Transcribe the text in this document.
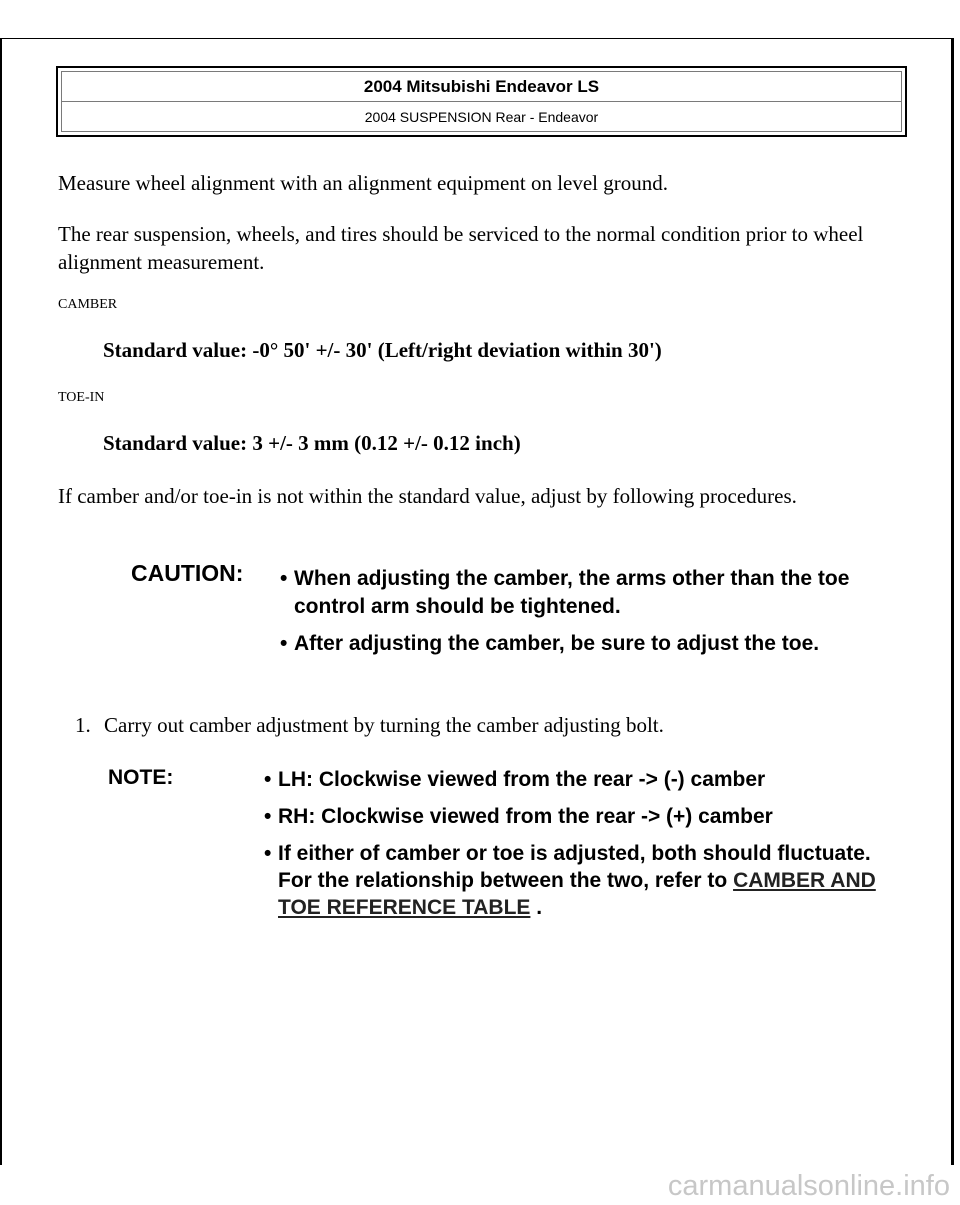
2004 Mitsubishi Endeavor LS
2004 SUSPENSION Rear - Endeavor
Measure wheel alignment with an alignment equipment on level ground.
The rear suspension, wheels, and tires should be serviced to the normal condition prior to wheel alignment measurement.
CAMBER
Standard value: -0° 50' +/- 30' (Left/right deviation within 30')
TOE-IN
Standard value: 3 +/- 3 mm (0.12 +/- 0.12 inch)
If camber and/or toe-in is not within the standard value, adjust by following procedures.
CAUTION: • When adjusting the camber, the arms other than the toe control arm should be tightened.
• After adjusting the camber, be sure to adjust the toe.
1. Carry out camber adjustment by turning the camber adjusting bolt.
NOTE:	• LH: Clockwise viewed from the rear -> (-) camber
• RH: Clockwise viewed from the rear -> (+) camber
• If either of camber or toe is adjusted, both should fluctuate. For the relationship between the two, refer to CAMBER AND TOE REFERENCE TABLE .
carmanualsonline.info
